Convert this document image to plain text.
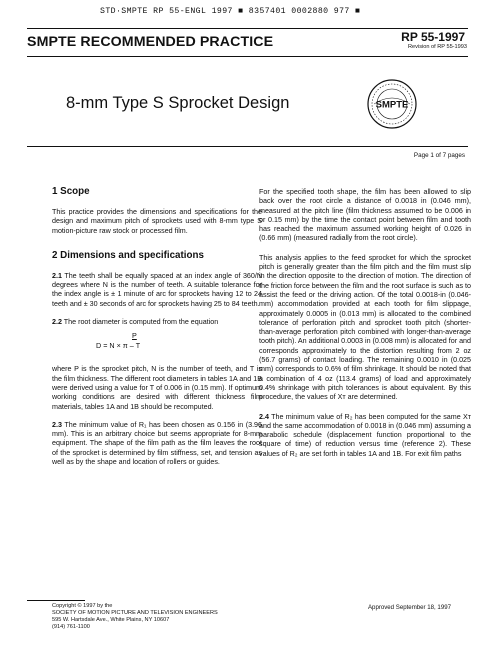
STD·SMPTE RP 55-ENGL 1997 ■ 8357401 0002880 977 ■
SMPTE RECOMMENDED PRACTICE	RP 55-1997
Revision of RP 55-1993
8-mm Type S Sprocket Design	SMPTE
Page 1 of 7 pages
1 Scope

This practice provides the dimensions and specifications for the design and maximum pitch of sprockets used with 8-mm type S motion-picture raw stock or processed film.

2 Dimensions and specifications

2.1 The teeth shall be equally spaced at an index angle of 360/N degrees where N is the number of teeth. A suitable tolerance for the index angle is ± 1 minute of arc for sprockets having 12 to 24 teeth and ± 30 seconds of arc for sprockets having 25 to 84 teeth.

2.2 The root diameter is computed from the equation

P
D = N × π – T

where P is the sprocket pitch, N is the number of teeth, and T is the film thickness. The different root diameters in tables 1A and 1B were derived using a value for T of 0.006 in (0.15 mm). If optimum working conditions are desired with different thickness film materials, tables 1A and 1B should be recomputed.

2.3 The minimum value of R₁ has been chosen as 0.156 in (3.96 mm). This is an arbitrary choice but seems appropriate for 8-mm equipment. The shape of the film path as the film leaves the root of the sprocket is determined by film stiffness, set, and tension as well as by the shape and location of rollers or guides.

For the specified tooth shape, the film has been allowed to slip back over the root circle a distance of 0.0018 in (0.046 mm), measured at the pitch line (film thickness assumed to be 0.006 in or 0.15 mm) by the time the contact point between film and tooth has reached the maximum assumed working height of 0.026 in (0.66 mm) (measured radially from the root circle).

This analysis applies to the feed sprocket for which the sprocket pitch is generally greater than the film pitch and the film must slip in the direction opposite to the direction of motion. The direction of the friction force between the film and the root surface is such as to assist the feed or the driving action. Of the total 0.0018-in (0.046-mm) accommodation provided at each tooth for film slippage, approximately 0.0005 in (0.013 mm) is allocated to the combined tolerance of perforation pitch and sprocket tooth pitch (shorter-than-average perforation pitch combined with longer-than-average tooth pitch). An additional 0.0003 in (0.008 mm) is allocated for and corresponds approximately to the distortion resulting from 2 oz (56.7 grams) of contact loading. The remaining 0.0010 in (0.025 mm) corresponds to 0.6% of film shrinkage. It should be noted that a combination of 4 oz (113.4 grams) of load and approximately 0.4% shrinkage with pitch tolerances is about equivalent. By this procedure, the values of Xт are determined.

2.4 The minimum value of R₂ has been computed for the same Xт and the same accommodation of 0.0018 in (0.046 mm) assuming a parabolic schedule (displacement function proportional to the square of time) of reduction versus time (reference 2). These values of R₂ are set forth in tables 1A and 1B. For exit film paths

Copyright © 1997 by the
SOCIETY OF MOTION PICTURE AND TELEVISION ENGINEERS
595 W. Hartsdale Ave., White Plains, NY 10607
(914) 761-1100
Approved September 18, 1997
